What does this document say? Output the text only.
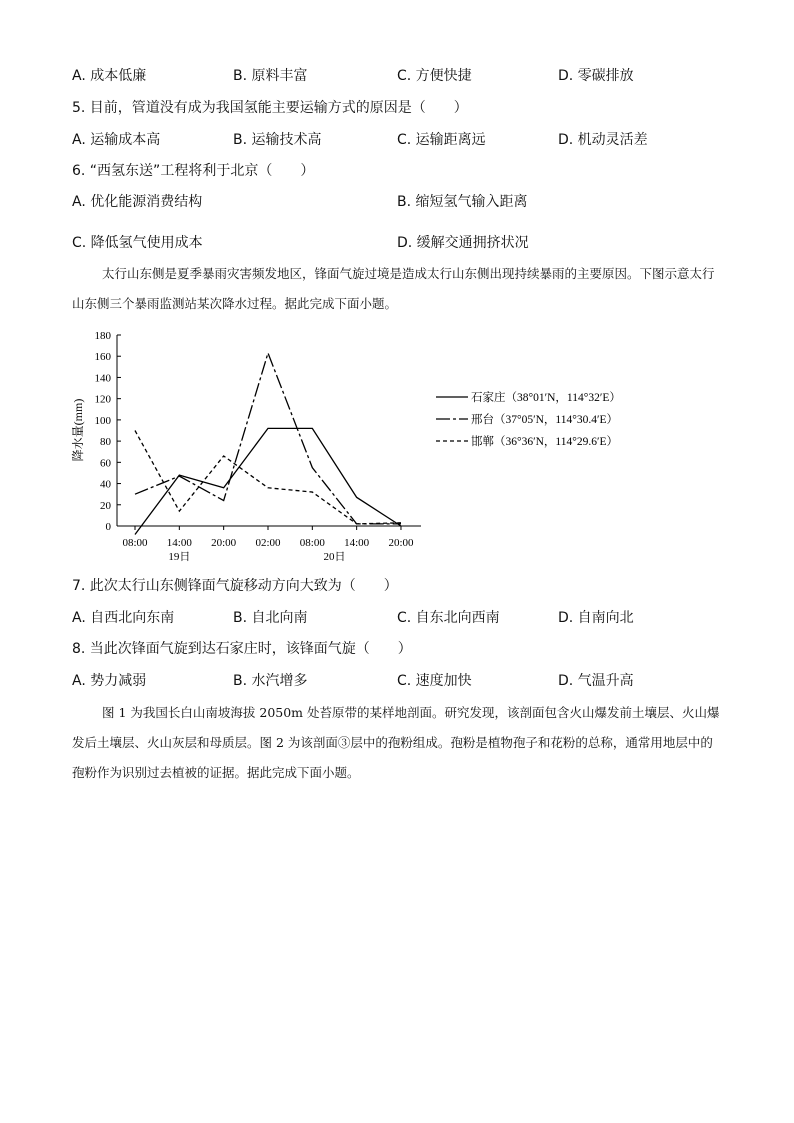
A. 成本低廉	B. 原料丰富	C. 方便快捷	D. 零碳排放
5. 目前，管道没有成为我国氢能主要运输方式的原因是（　　）
A. 运输成本高	B. 运输技术高	C. 运输距离远	D. 机动灵活差
6. “西氢东送”工程将利于北京（　　）
A. 优化能源消费结构	B. 缩短氢气输入距离
C. 降低氢气使用成本	D. 缓解交通拥挤状况
太行山东侧是夏季暴雨灾害频发地区，锋面气旋过境是造成太行山东侧出现持续暴雨的主要原因。下图示意太行山东侧三个暴雨监测站某次降水过程。据此完成下面小题。
0
20
40
60
80
100
120
140
160
180
08:00 14:00 20:00 02:00 08:00 14:00 20:00
19日	20日
降水量(mm)
石家庄（38°01′N，114°32′E）
邢台（37°05′N，114°30.4′E）
邯郸（36°36′N，114°29.6′E）
7. 此次太行山东侧锋面气旋移动方向大致为（　　）
A. 自西北向东南	B. 自北向南	C. 自东北向西南	D. 自南向北
8. 当此次锋面气旋到达石家庄时，该锋面气旋（　　）
A. 势力减弱	B. 水汽增多	C. 速度加快	D. 气温升高
图 1 为我国长白山南坡海拔 2050m 处苔原带的某样地剖面。研究发现，该剖面包含火山爆发前土壤层、火山爆发后土壤层、火山灰层和母质层。图 2 为该剖面③层中的孢粉组成。孢粉是植物孢子和花粉的总称，通常用地层中的孢粉作为识别过去植被的证据。据此完成下面小题。
